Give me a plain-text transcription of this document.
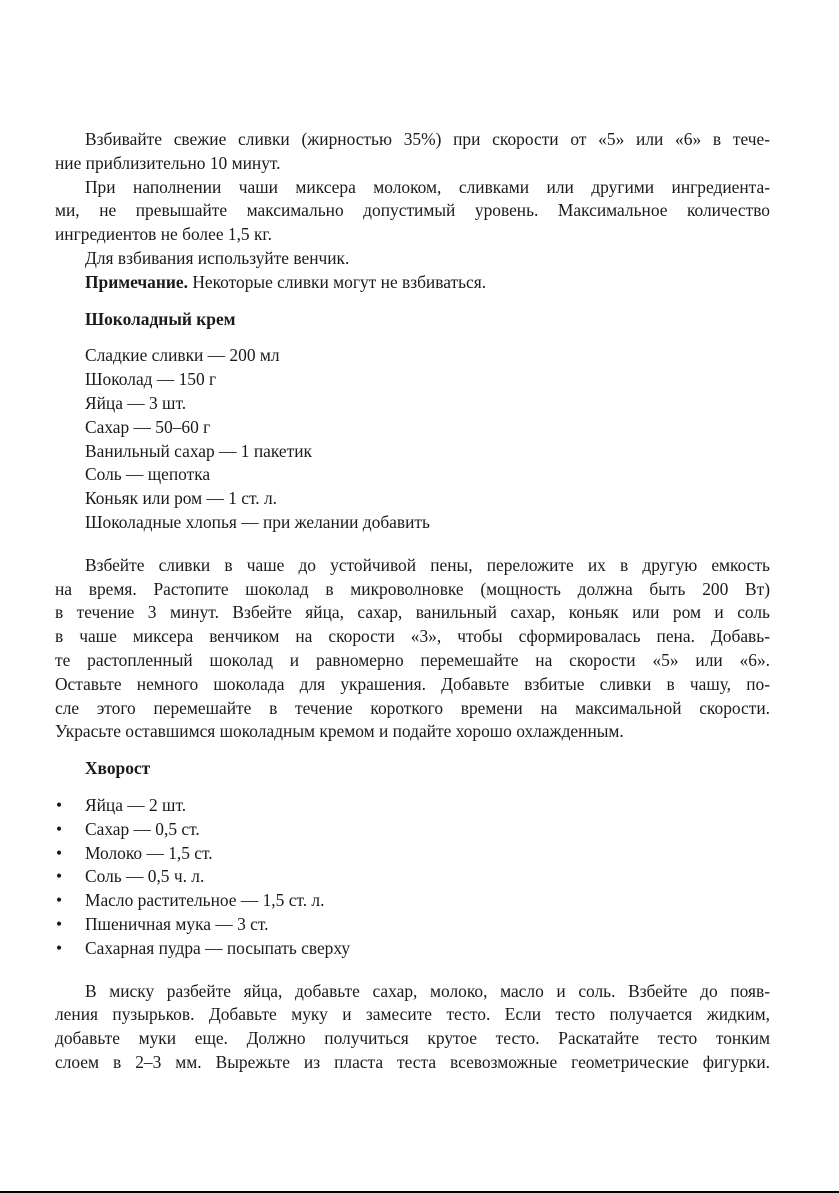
Взбивайте свежие сливки (жирностью 35%) при скорости от «5» или «6» в тече-
ние приблизительно 10 минут.
При наполнении чаши миксера молоком, сливками или другими ингредиента-
ми, не превышайте максимально допустимый уровень. Максимальное количество
ингредиентов не более 1,5 кг.
Для взбивания используйте венчик.
Примечание. Некоторые сливки могут не взбиваться.
Шоколадный крем
Сладкие сливки — 200 мл
Шоколад — 150 г
Яйца — 3 шт.
Сахар — 50–60 г
Ванильный сахар — 1 пакетик
Соль — щепотка
Коньяк или ром — 1 ст. л.
Шоколадные хлопья — при желании добавить
Взбейте сливки в чаше до устойчивой пены, переложите их в другую емкость
на время. Растопите шоколад в микроволновке (мощность должна быть 200 Вт)
в течение 3 минут. Взбейте яйца, сахар, ванильный сахар, коньяк или ром и соль
в чаше миксера венчиком на скорости «3», чтобы сформировалась пена. Добавь-
те растопленный шоколад и равномерно перемешайте на скорости «5» или «6».
Оставьте немного шоколада для украшения. Добавьте взбитые сливки в чашу, по-
сле этого перемешайте в течение короткого времени на максимальной скорости.
Украсьте оставшимся шоколадным кремом и подайте хорошо охлажденным.
Хворост
• Яйца — 2 шт.
• Сахар — 0,5 ст.
• Молоко — 1,5 ст.
• Соль — 0,5 ч. л.
• Масло растительное — 1,5 ст. л.
• Пшеничная мука — 3 ст.
• Сахарная пудра — посыпать сверху
В миску разбейте яйца, добавьте сахар, молоко, масло и соль. Взбейте до появ-
ления пузырьков. Добавьте муку и замесите тесто. Если тесто получается жидким,
добавьте муки еще. Должно получиться крутое тесто. Раскатайте тесто тонким
слоем в 2–3 мм. Вырежьте из пласта теста всевозможные геометрические фигурки.
